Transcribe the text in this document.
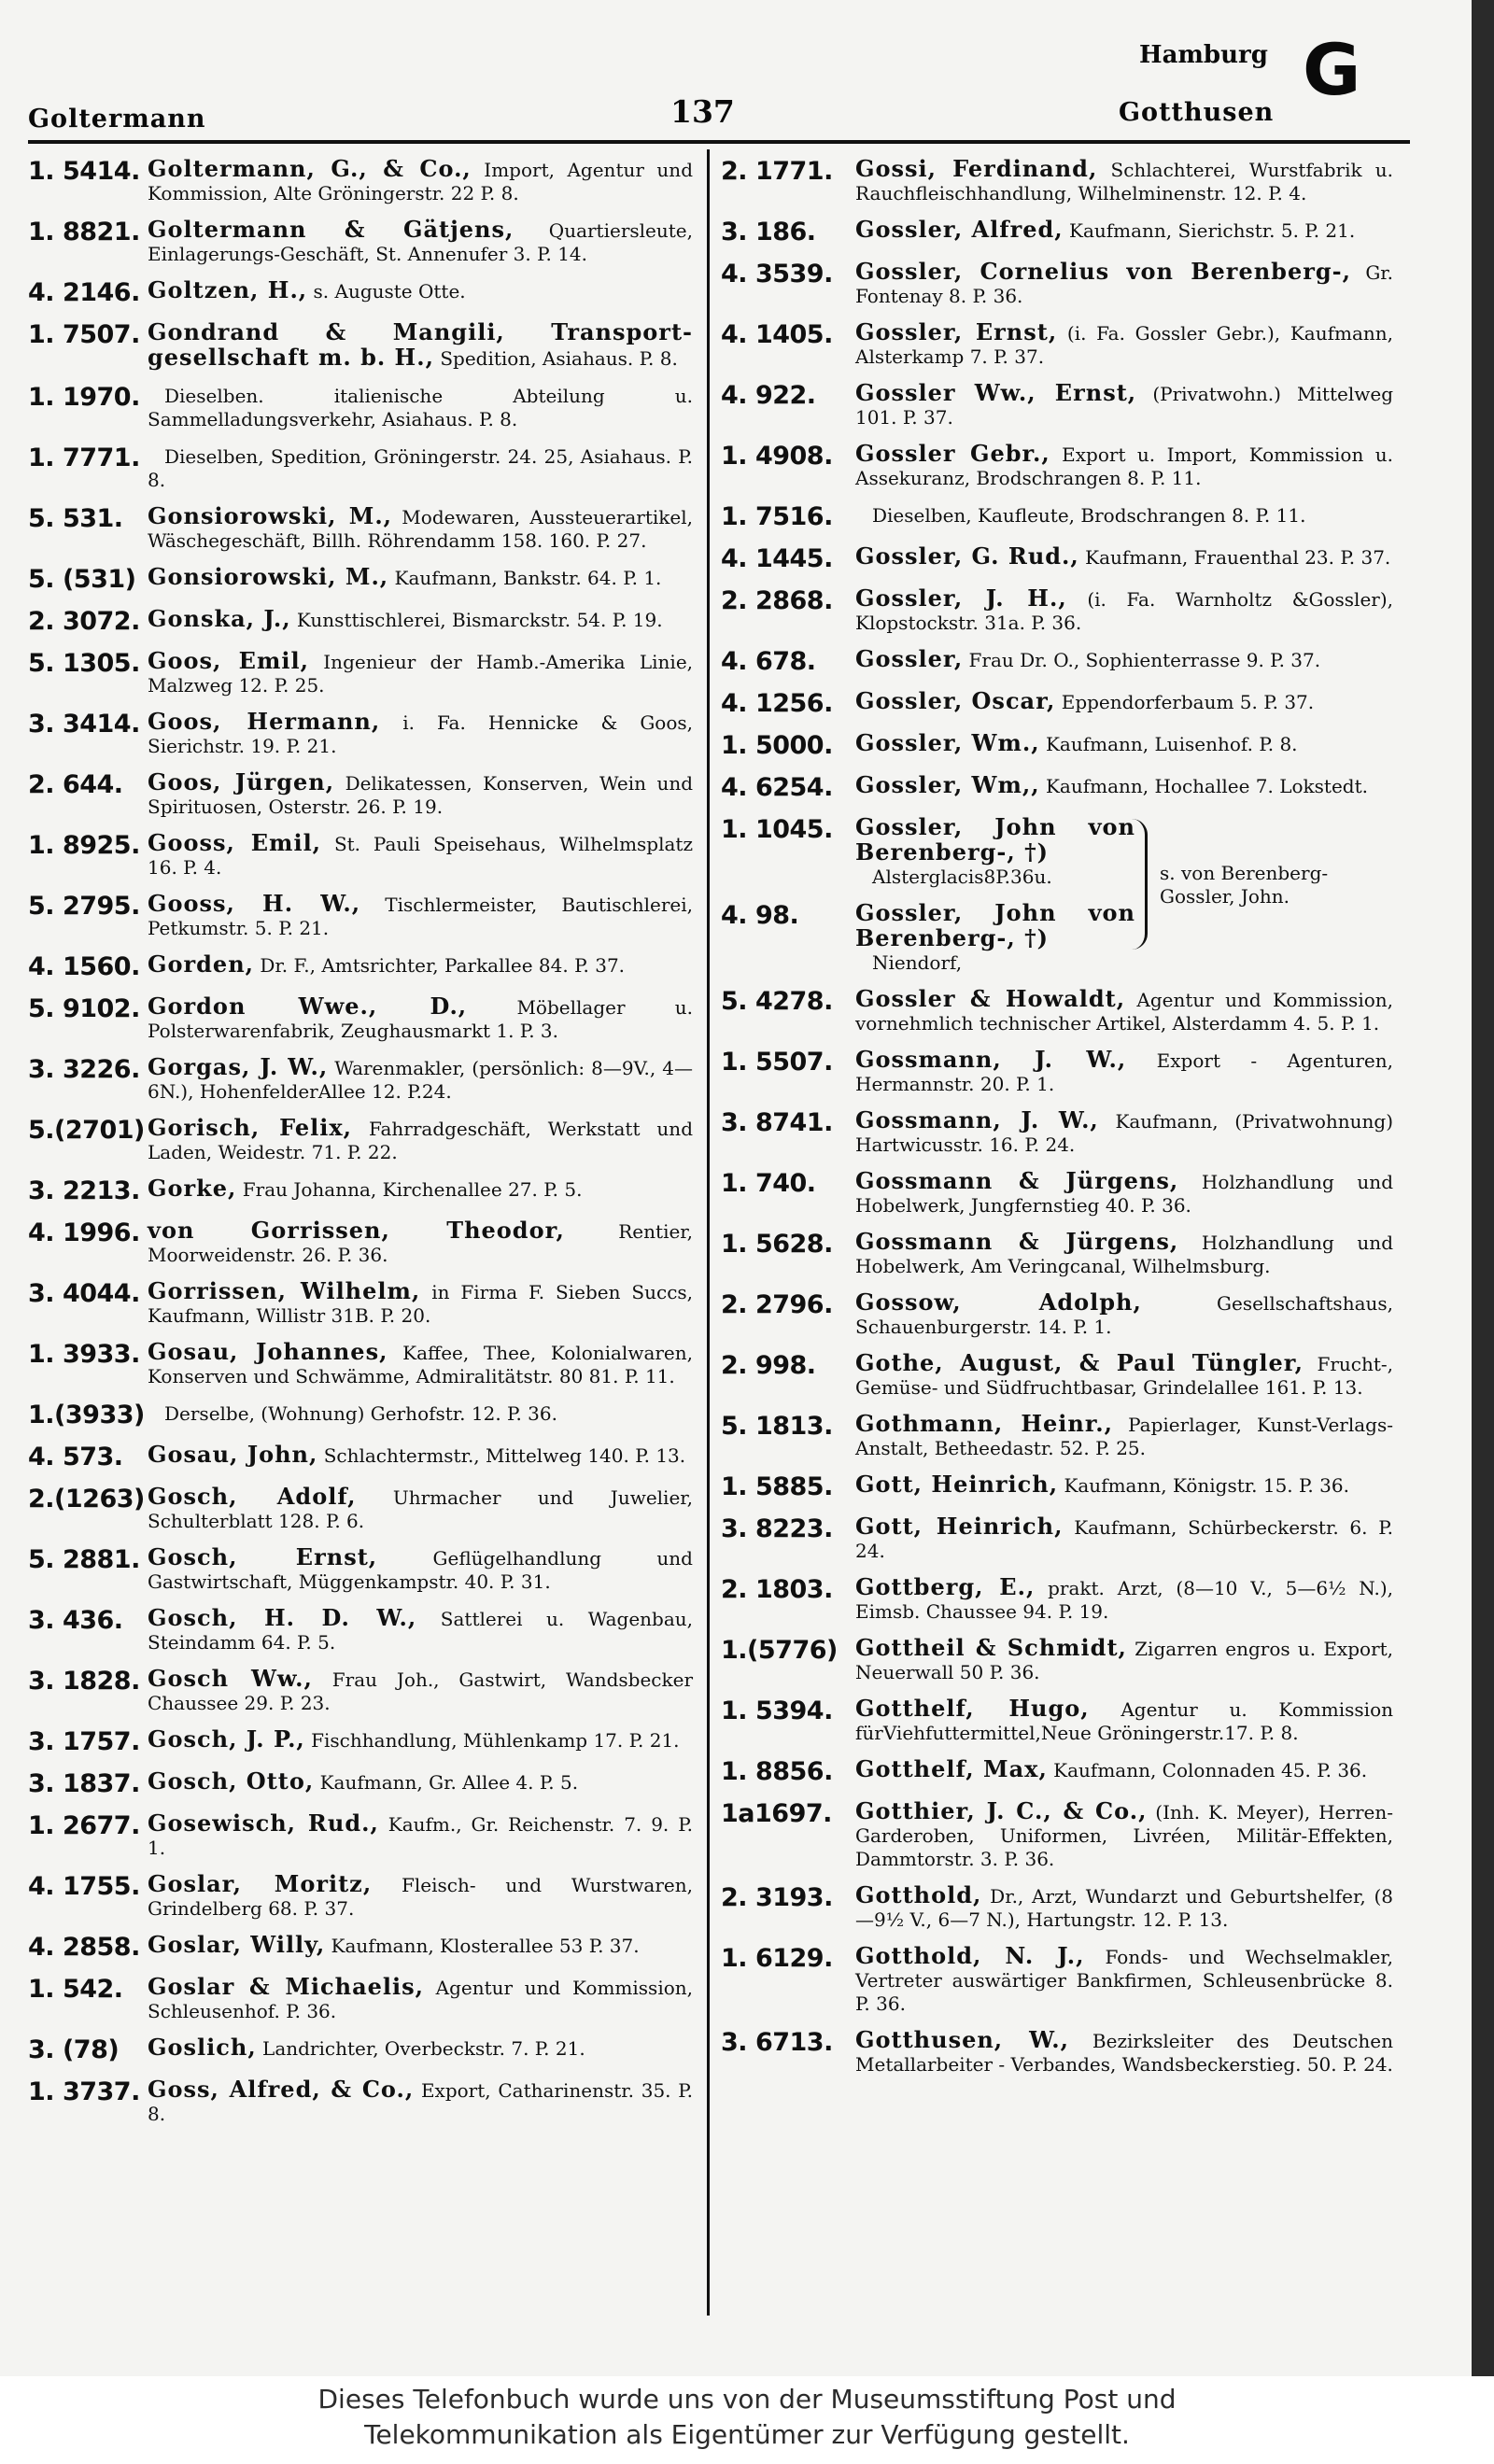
Goltermann	137
Hamburg
Gotthusen
G
1. 5414. Goltermann, G., & Co., Import, Agentur und Kommission, Alte Gröningerstr. 22 P. 8.
1. 8821. Goltermann & Gätjens, Quartiersleute, Einlagerungs-Geschäft, St. Annenufer 3. P. 14.
4. 2146. Goltzen, H., s. Auguste Otte.
1. 7507. Gondrand & Mangili, Transport-gesellschaft m. b. H., Spedition, Asiahaus. P. 8.
1. 1970.	Dieselben. italienische Abteilung u. Sammelladungsverkehr, Asiahaus. P. 8.
1. 7771.	Dieselben, Spedition, Gröningerstr. 24. 25, Asiahaus. P. 8.
5. 531.	Gonsiorowski, M., Modewaren, Aussteuerartikel, Wäschegeschäft, Billh. Röhrendamm 158. 160. P. 27.
5. (531) Gonsiorowski, M., Kaufmann, Bankstr. 64. P. 1.
2. 3072. Gonska, J., Kunsttischlerei, Bismarckstr. 54. P. 19.
5. 1305. Goos, Emil, Ingenieur der Hamb.-Amerika Linie, Malzweg 12. P. 25.
3. 3414. Goos, Hermann, i. Fa. Hennicke & Goos, Sierichstr. 19. P. 21.
2. 644.	Goos, Jürgen, Delikatessen, Konserven, Wein und Spirituosen, Osterstr. 26. P. 19.
1. 8925. Gooss, Emil, St. Pauli Speisehaus, Wilhelmsplatz 16. P. 4.
5. 2795. Gooss, H. W., Tischlermeister, Bautischlerei, Petkumstr. 5. P. 21.
4. 1560. Gorden, Dr. F., Amtsrichter, Parkallee 84. P. 37.
5. 9102. Gordon Wwe., D.,	Möbellager u. Polsterwarenfabrik, Zeughausmarkt 1. P. 3.
3. 3226. Gorgas, J. W., Warenmakler, (persönlich: 8—9V., 4—6N.), HohenfelderAllee 12. P.24.
5.(2701) Gorisch, Felix, Fahrradgeschäft, Werkstatt und Laden, Weidestr. 71. P. 22.
3. 2213. Gorke, Frau Johanna, Kirchenallee 27. P. 5.
4. 1996. von Gorrissen, Theodor,	Rentier, Moorweidenstr. 26. P. 36.
3. 4044. Gorrissen, Wilhelm, in Firma F. Sieben Succs, Kaufmann, Willistr 31B. P. 20.
1. 3933. Gosau, Johannes, Kaffee, Thee, Kolonialwaren, Konserven und Schwämme, Admiralitätstr. 80 81. P. 11.
1.(3933)	Derselbe, (Wohnung) Gerhofstr. 12. P. 36.
4. 573.	Gosau, John, Schlachtermstr., Mittelweg 140. P. 13.
2.(1263) Gosch, Adolf, Uhrmacher und Juwelier, Schulterblatt 128. P. 6.
5. 2881. Gosch, Ernst,	Geflügelhandlung und Gastwirtschaft, Müggenkampstr. 40. P. 31.
3. 436.	Gosch, H. D. W., Sattlerei u. Wagenbau, Steindamm 64. P. 5.
3. 1828. Gosch Ww., Frau Joh., Gastwirt, Wandsbecker Chaussee 29. P. 23.
3. 1757. Gosch, J. P., Fischhandlung, Mühlenkamp 17. P. 21.
3. 1837. Gosch, Otto, Kaufmann, Gr. Allee 4. P. 5.
1. 2677. Gosewisch, Rud., Kaufm., Gr. Reichenstr. 7. 9. P. 1.
4. 1755. Goslar, Moritz, Fleisch- und Wurstwaren, Grindelberg 68. P. 37.
4. 2858. Goslar, Willy, Kaufmann, Klosterallee 53 P. 37.
1. 542.	Goslar & Michaelis, Agentur und Kommission, Schleusenhof. P. 36.
3. (78)	Goslich, Landrichter, Overbeckstr. 7. P. 21.
1. 3737. Goss, Alfred, & Co., Export, Catharinenstr. 35. P. 8.
2. 1771.	Gossi, Ferdinand, Schlachterei, Wurstfabrik u. Rauchfleischhandlung, Wilhelminenstr. 12. P. 4.
3. 186.	Gossler, Alfred, Kaufmann, Sierichstr. 5. P. 21.
4. 3539.	Gossler, Cornelius von Berenberg-, Gr. Fontenay 8. P. 36.
4. 1405.	Gossler, Ernst, (i. Fa. Gossler Gebr.), Kaufmann, Alsterkamp 7. P. 37.
4. 922.	Gossler Ww., Ernst, (Privatwohn.) Mittelweg 101. P. 37.
1. 4908.	Gossler Gebr., Export u. Import, Kommission u. Assekuranz, Brodschrangen 8. P. 11.
1. 7516.	Dieselben, Kaufleute, Brodschrangen 8. P. 11.
4. 1445.	Gossler, G. Rud., Kaufmann, Frauenthal 23. P. 37.
2. 2868.	Gossler, J. H., (i. Fa. Warnholtz &Gossler), Klopstockstr. 31a. P. 36.
4. 678.	Gossler, Frau Dr. O., Sophienterrasse 9. P. 37.
4. 1256.	Gossler, Oscar, Eppendorferbaum 5. P. 37.
1. 5000.	Gossler, Wm., Kaufmann, Luisenhof. P. 8.
4. 6254.	Gossler, Wm,, Kaufmann, Hochallee 7. Lokstedt.
1. 1045.	Gossler, John von Berenberg-, †)
Alsterglacis8P.36u.
4. 98.	Gossler, John von Berenberg-, †)
Niendorf,
s. von Berenberg-Gossler, John.
5. 4278.	Gossler & Howaldt, Agentur und Kommission, vornehmlich technischer Artikel, Alsterdamm 4. 5. P. 1.
1. 5507.	Gossmann, J. W., Export - Agenturen, Hermannstr. 20. P. 1.
3. 8741.	Gossmann, J. W., Kaufmann, (Privatwohnung) Hartwicusstr. 16. P. 24.
1. 740.	Gossmann & Jürgens, Holzhandlung und Hobelwerk, Jungfernstieg 40. P. 36.
1. 5628.	Gossmann & Jürgens, Holzhandlung und Hobelwerk, Am Veringcanal, Wilhelmsburg.
2. 2796.	Gossow, Adolph,	Gesellschaftshaus, Schauenburgerstr. 14. P. 1.
2. 998.	Gothe, August, & Paul Tüngler, Frucht-, Gemüse- und Südfruchtbasar, Grindelallee 161. P. 13.
5. 1813.	Gothmann, Heinr., Papierlager, Kunst-Verlags-Anstalt, Betheedastr. 52. P. 25.
1. 5885.	Gott, Heinrich, Kaufmann, Königstr. 15. P. 36.
3. 8223.	Gott, Heinrich, Kaufmann, Schürbeckerstr. 6. P. 24.
2. 1803.	Gottberg, E., prakt. Arzt, (8—10 V., 5—6½ N.), Eimsb. Chaussee 94. P. 19.
1.(5776) Gottheil & Schmidt, Zigarren engros u. Export, Neuerwall 50 P. 36.
1. 5394.	Gotthelf, Hugo, Agentur u. Kommission fürViehfuttermittel,Neue Gröningerstr.17. P. 8.
1. 8856.	Gotthelf, Max, Kaufmann, Colonnaden 45. P. 36.
1a1697.	Gotthier, J. C., & Co., (Inh. K. Meyer), Herren-Garderoben, Uniformen, Livréen, Militär-Effekten, Dammtorstr. 3. P. 36.
2. 3193.	Gotthold, Dr., Arzt, Wundarzt und Geburtshelfer, (8—9½ V., 6—7 N.), Hartungstr. 12. P. 13.
1. 6129.	Gotthold, N. J., Fonds- und Wechselmakler, Vertreter auswärtiger Bankfirmen, Schleusenbrücke 8. P. 36.
3. 6713.	Gotthusen, W., Bezirksleiter des Deutschen Metallarbeiter - Verbandes, Wandsbeckerstieg. 50. P. 24.
Dieses Telefonbuch wurde uns von der Museumsstiftung Post und
Telekommunikation als Eigentümer zur Verfügung gestellt.
